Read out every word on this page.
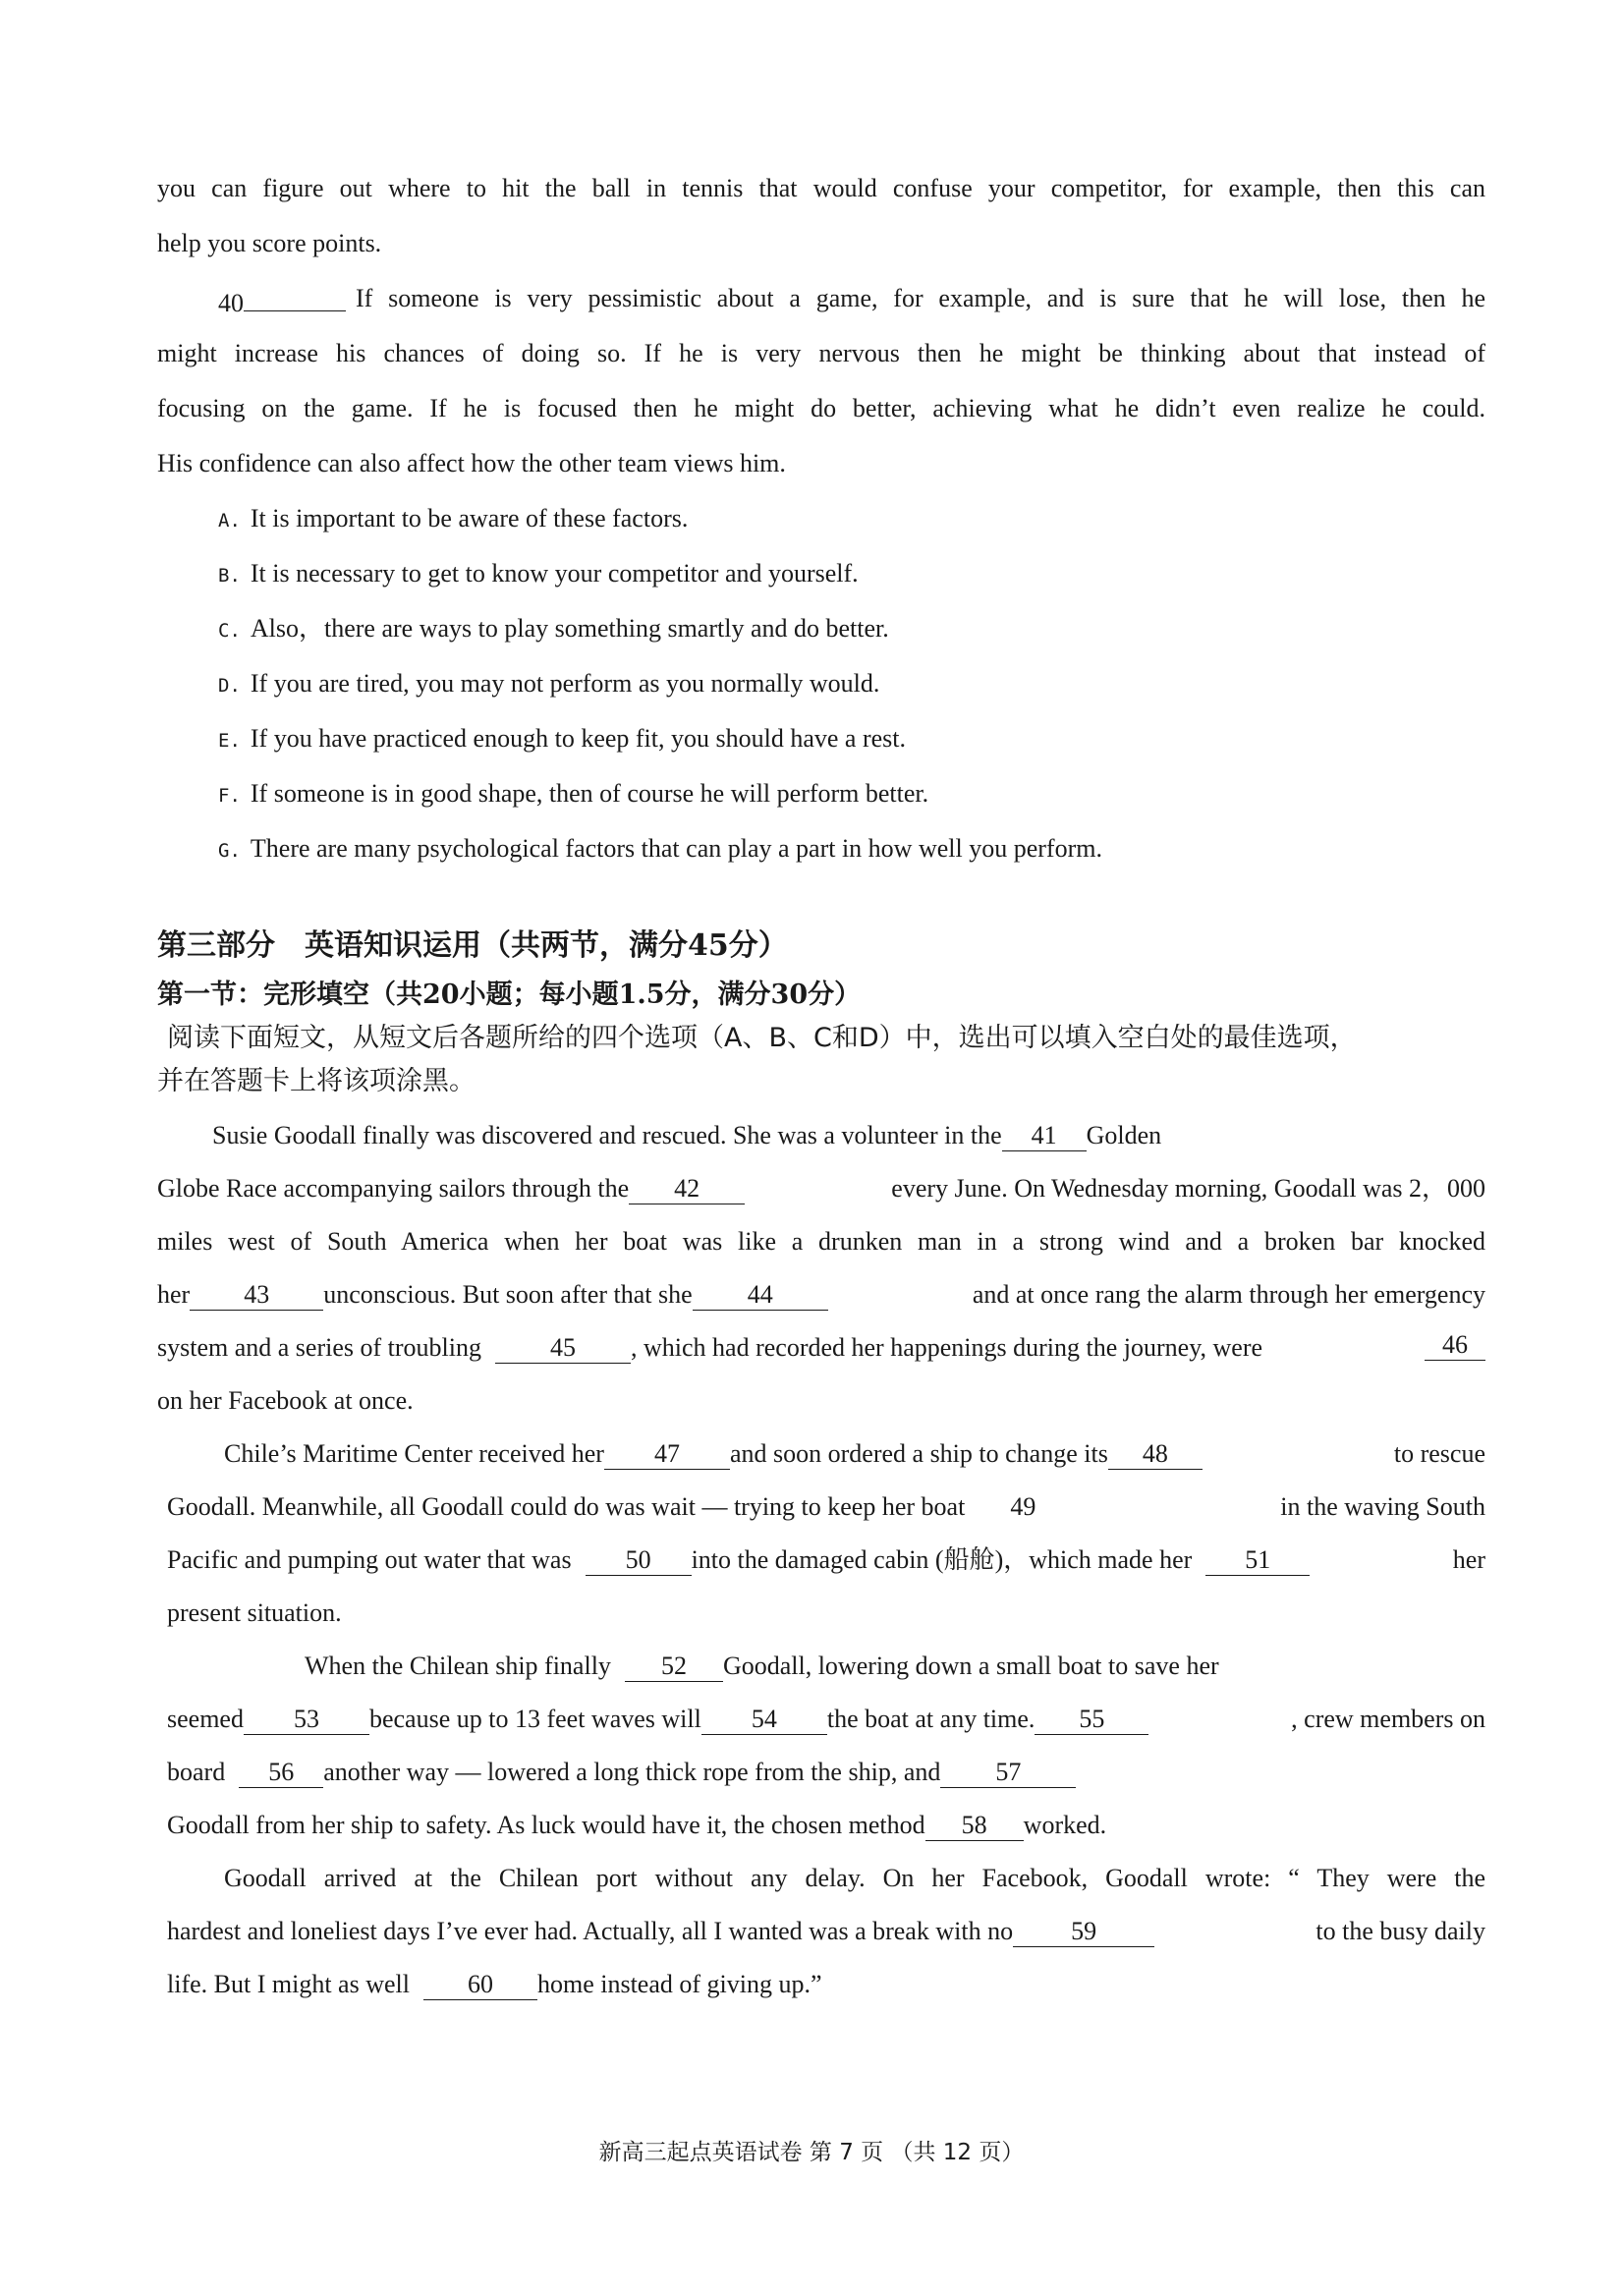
you can figure out where to hit the ball in tennis that would confuse your competitor, for example, then this can
help you score points.
40	If someone is very pessimistic about a game, for example, and is sure that he will lose, then he
might increase his chances of doing so. If he is very nervous then he might be thinking about that instead of
focusing on the game. If he is focused then he might do better, achieving what he didn’t even realize he could.
His confidence can also affect how the other team views him.
A. It is important to be aware of these factors.
B. It is necessary to get to know your competitor and yourself.
C. Also，there are ways to play something smartly and do better.
D. If you are tired, you may not perform as you normally would.
E. If you have practiced enough to keep fit, you should have a rest.
F. If someone is in good shape, then of course he will perform better.
G. There are many psychological factors that can play a part in how well you perform.
第三部分　英语知识运用（共两节，满分45分）
第一节：完形填空（共20小题；每小题1.5分，满分30分）
阅读下面短文，从短文后各题所给的四个选项（A、B、C和D）中，选出可以填入空白处的最佳选项，
并在答题卡上将该项涂黑。
Susie Goodall finally was discovered and rescued. She was a volunteer in the 41 Golden
Globe Race accompanying sailors through the 42	every June. On Wednesday morning, Goodall was 2，000
miles west of South America when her boat was like a drunken man in a strong wind and a broken bar knocked
her 43 unconscious. But soon after that she 44	and at once rang the alarm through her emergency
system and a series of troubling	45 , which had recorded her happenings during the journey, were	46
on her Facebook at once.
Chile’s Maritime Center received her 47 and soon ordered a ship to change its 48	to rescue
Goodall. Meanwhile, all Goodall could do was wait — trying to keep her boat 49	in the waving South
Pacific and pumping out water that was 50 into the damaged cabin (船舱)，which made her 51	her
present situation.
When the Chilean ship finally 52 Goodall, lowering down a small boat to save her
seemed 53 because up to 13 feet waves will 54 the boat at any time. 55	, crew members on
board 56 another way — lowered a long thick rope from the ship, and 57
Goodall from her ship to safety. As luck would have it, the chosen method 58 worked.
Goodall arrived at the Chilean port without any delay. On her Facebook, Goodall wrote: “ They were the
hardest and loneliest days I’ve ever had. Actually, all I wanted was a break with no 59	to the busy daily
life. But I might as well 60 home instead of giving up.”
新高三起点英语试卷 第 7 页 （共 12 页）
